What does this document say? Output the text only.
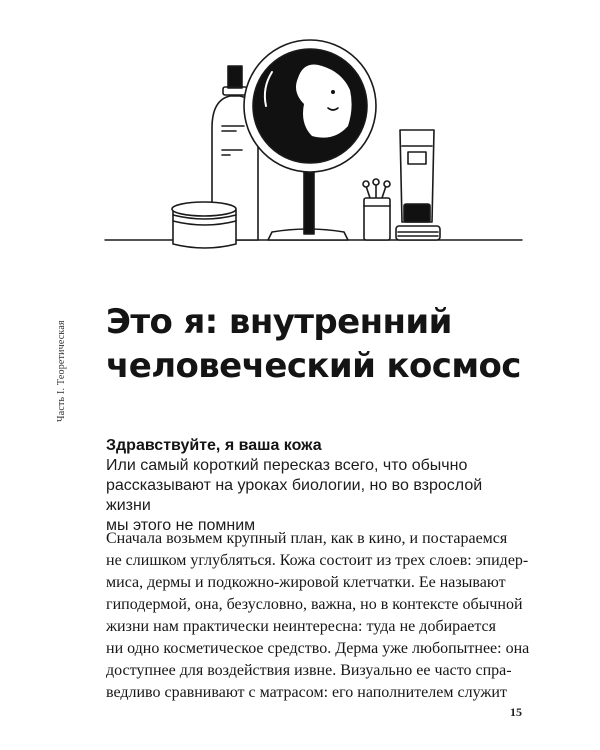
Часть I. Теоретическая Это я: внутренний
человеческий космос
Здравствуйте, я ваша кожа

Или самый короткий пересказ всего, что обычно
рассказывают на уроках биологии, но во взрослой жизни
мы этого не помним

Сначала возьмем крупный план, как в кино, и постараемся
не слишком углубляться. Кожа состоит из трех слоев: эпидер-
миса, дермы и подкожно-жировой клетчатки. Ее называют
гиподермой, она, безусловно, важна, но в контексте обычной
жизни нам практически неинтересна: туда не добирается
ни одно косметическое средство. Дерма уже любопытнее: она
доступнее для воздействия извне. Визуально ее часто спра-
ведливо сравнивают с матрасом: его наполнителем служит

15
